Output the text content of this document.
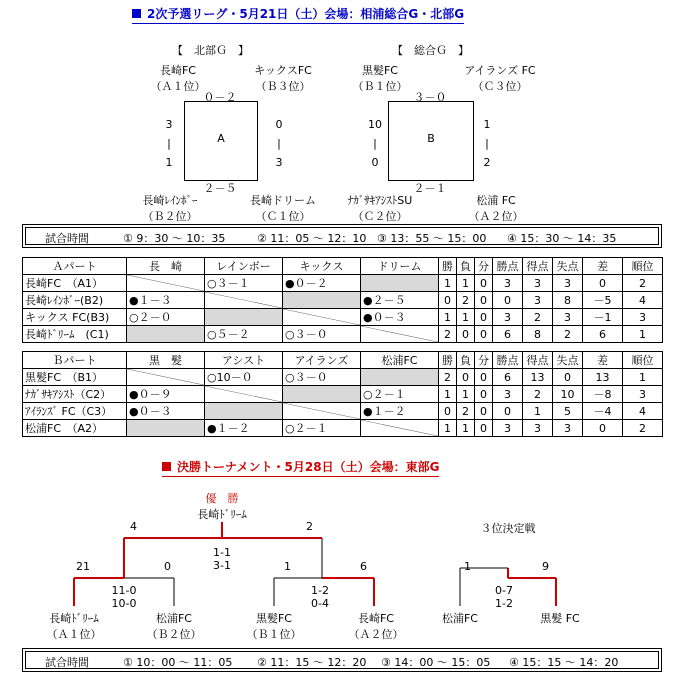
2次予選リーグ・5月21日（土）会場：相浦総合G・北部G
【　北部Ｇ　】
長崎FC
（Ａ１位）
キックスFC
（Ｂ３位）
０－２
A
3
|
1
0
|
3
２－５
長崎ﾚｲﾝﾎﾞｰ
（Ｂ２位）
長崎ドリーム
（Ｃ１位）
【　総合Ｇ　】
黒髪FC
（Ｂ１位）
アイランズ FC
（Ｃ３位）
３－０
B
10
|
0
1
|
2
２－１
ﾅｶﾞｻｷｱｼｽﾄSU
（Ｃ２位）
松浦 FC
（Ａ２位）
試合時間	① 9：30 ～ 10：35	② 11：05 ～ 12：10 ③ 13：55 ～ 15：00 ④ 15：30 ～ 14：35
Ａパート	長　崎	レインボー	キックス	ドリーム	勝	負	分	勝点	得点	失点	差	順位
長崎FC　（A1）		○３－１	●０－２		1	1	0	3	3	3	0	2
長崎ﾚｲﾝﾎﾞｰ(B2)	●１－３			●２－５	0	2	0	0	3	8	－5	4
キックス FC(B3)	○２－０			●０－３	1	1	0	3	2	3	－1	3
長崎ﾄﾞﾘｰﾑ　(C1)		○５－２	○３－０		2	0	0	6	8	2	6	1
Ｂパート	黒　髪	アシスト	アイランズ	松浦FC	勝	負	分	勝点	得点	失点	差	順位
黒髪FC　（B1）		○10－０	○３－０		2	0	0	6	13	0	13	1
ﾅｶﾞｻｷｱｼｽﾄ（C2）	●０－９			○２－１	1	1	0	3	2	10	－8	3
ｱｲﾗﾝｽﾞ FC（C3）	●０－３			●１－２	0	2	0	0	1	5	－4	4
松浦FC　（A2）		●１－２	○２－１		1	1	0	3	3	3	0	2
決勝トーナメント・5月28日（土）会場：東部G
優　勝
長崎ﾄﾞﾘｰﾑ
4	2
1-1
3-1
21	0
11-0
10-0
1	6
1-2
0-4
長崎ﾄﾞﾘｰﾑ
（Ａ１位）
松浦FC
（Ｂ２位）
黒髪FC
（Ｂ１位）
長崎FC
（Ａ２位）
３位決定戦
1	9
0-7
1-2
松浦FC	黒髪 FC
試合時間	① 10：00 ～ 11：05 ② 11：15 ～ 12：20 ③ 14：00 ～ 15：05 ④ 15：15 ～ 14：20
